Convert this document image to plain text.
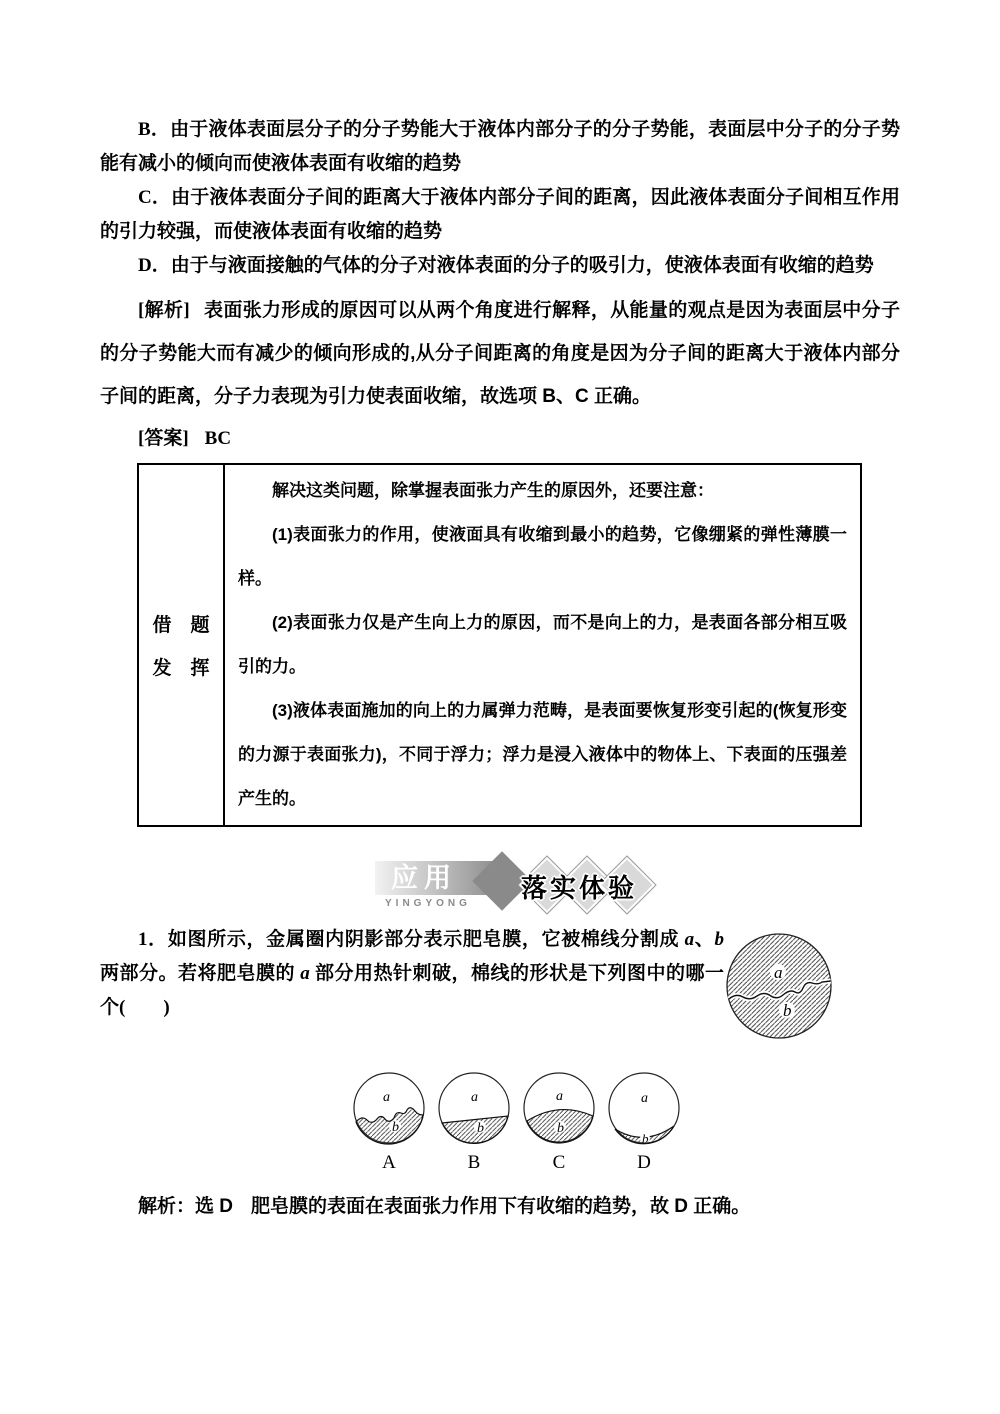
B．由于液体表面层分子的分子势能大于液体内部分子的分子势能，表面层中分子的分子势能有减小的倾向而使液体表面有收缩的趋势

C．由于液体表面分子间的距离大于液体内部分子间的距离，因此液体表面分子间相互作用的引力较强，而使液体表面有收缩的趋势

D．由于与液面接触的气体的分子对液体表面的分子的吸引力，使液体表面有收缩的趋势

[解析] 表面张力形成的原因可以从两个角度进行解释，从能量的观点是因为表面层中分子的分子势能大而有减少的倾向形成的,从分子间距离的角度是因为分子间的距离大于液体内部分子间的距离，分子力表现为引力使表面收缩，故选项 B、C 正确。

[答案] BC

借　题
发　挥

解决这类问题，除掌握表面张力产生的原因外，还要注意：

(1)表面张力的作用，使液面具有收缩到最小的趋势，它像绷紧的弹性薄膜一样。

(2)表面张力仅是产生向上力的原因，而不是向上的力，是表面各部分相互吸引的力。

(3)液体表面施加的向上的力属弹力范畴，是表面要恢复形变引起的(恢复形变的力源于表面张力)，不同于浮力；浮力是浸入液体中的物体上、下表面的压强差产生的。

应用
YINGYONG
落实体验
a
b

1．如图所示，金属圈内阴影部分表示肥皂膜，它被棉线分割成 a、b 两部分。若将肥皂膜的 a 部分用热针刺破，棉线的形状是下列图中的哪一个(　　)

a
b
A
a
b
B
a
b
C
a
b
D

解析：选 D 肥皂膜的表面在表面张力作用下有收缩的趋势，故 D 正确。
